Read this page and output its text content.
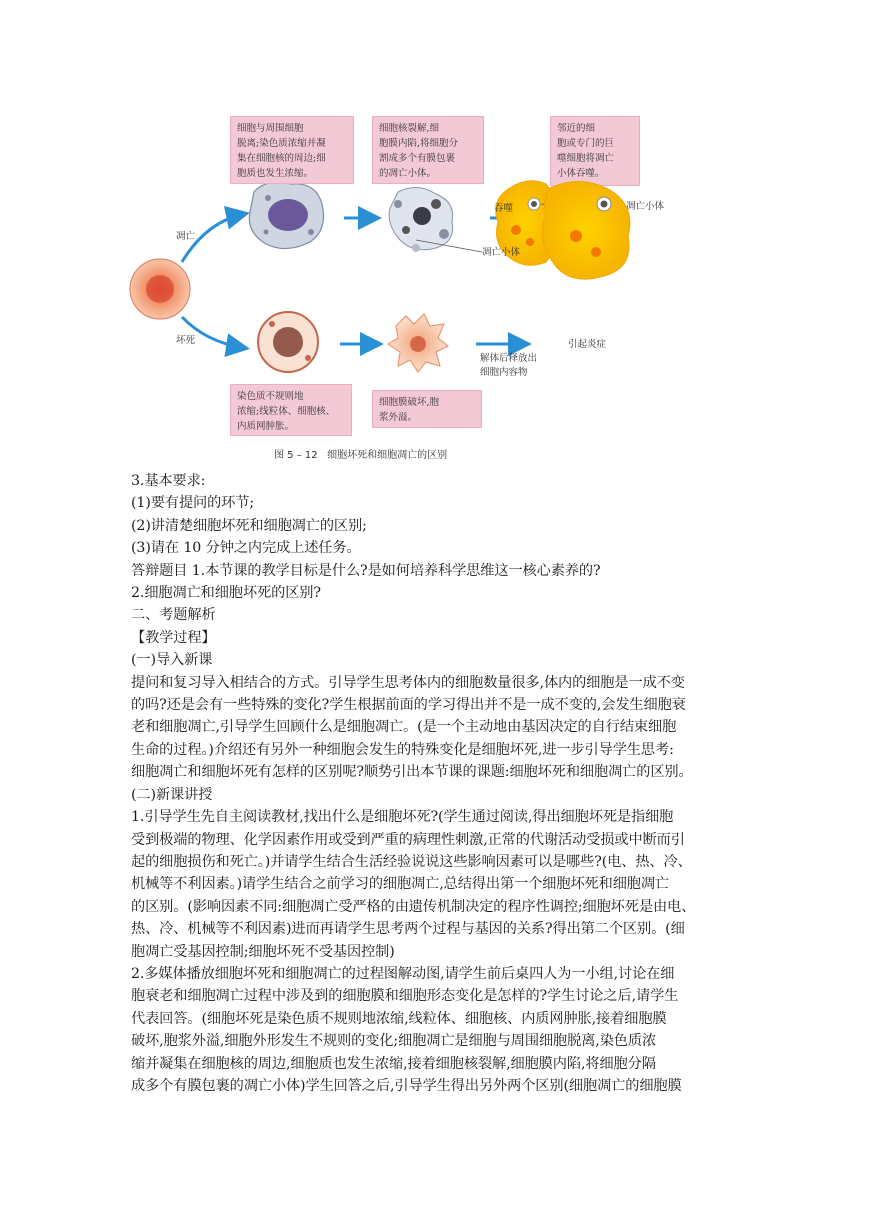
细胞与周围细胞
脱离;染色质浓缩并凝
集在细胞核的周边;细
胞质也发生浓缩。
细胞核裂解,细
胞膜内陷,将细胞分
割成多个有膜包裹
的凋亡小体。
凋亡
坏死
吞噬
凋亡小体
解体后释放出
细胞内容物
染色质不规则地
浓缩;线粒体、细胞核、
内质网肿胀。
细胞膜破坏,胞
浆外溢。
图 5 – 12   细胞坏死和细胞凋亡的区别
邻近的细
胞或专门的巨
噬细胞将凋亡
小体吞噬。
凋亡小体
引起炎症

3.基本要求:

(1)要有提问的环节;

(2)讲清楚细胞坏死和细胞凋亡的区别;

(3)请在 10 分钟之内完成上述任务。

答辩题目 1.本节课的教学目标是什么?是如何培养科学思维这一核心素养的?

2.细胞凋亡和细胞坏死的区别?

二、考题解析

【教学过程】

(一)导入新课

提问和复习导入相结合的方式。引导学生思考体内的细胞数量很多,体内的细胞是一成不变

的吗?还是会有一些特殊的变化?学生根据前面的学习得出并不是一成不变的,会发生细胞衰

老和细胞凋亡,引导学生回顾什么是细胞凋亡。(是一个主动地由基因决定的自行结束细胞

生命的过程。)介绍还有另外一种细胞会发生的特殊变化是细胞坏死,进一步引导学生思考:

细胞凋亡和细胞坏死有怎样的区别呢?顺势引出本节课的课题:细胞坏死和细胞凋亡的区别。

(二)新课讲授

1.引导学生先自主阅读教材,找出什么是细胞坏死?(学生通过阅读,得出细胞坏死是指细胞

受到极端的物理、化学因素作用或受到严重的病理性刺激,正常的代谢活动受损或中断而引

起的细胞损伤和死亡。)并请学生结合生活经验说说这些影响因素可以是哪些?(电、热、冷、

机械等不利因素。)请学生结合之前学习的细胞凋亡,总结得出第一个细胞坏死和细胞凋亡

的区别。(影响因素不同:细胞凋亡受严格的由遗传机制决定的程序性调控;细胞坏死是由电、

热、冷、机械等不利因素)进而再请学生思考两个过程与基因的关系?得出第二个区别。(细

胞凋亡受基因控制;细胞坏死不受基因控制)

2.多媒体播放细胞坏死和细胞凋亡的过程图解动图,请学生前后桌四人为一小组,讨论在细

胞衰老和细胞凋亡过程中涉及到的细胞膜和细胞形态变化是怎样的?学生讨论之后,请学生

代表回答。(细胞坏死是染色质不规则地浓缩,线粒体、细胞核、内质网肿胀,接着细胞膜

破坏,胞浆外溢,细胞外形发生不规则的变化;细胞凋亡是细胞与周围细胞脱离,染色质浓

缩并凝集在细胞核的周边,细胞质也发生浓缩,接着细胞核裂解,细胞膜内陷,将细胞分隔

成多个有膜包裹的凋亡小体)学生回答之后,引导学生得出另外两个区别(细胞凋亡的细胞膜
